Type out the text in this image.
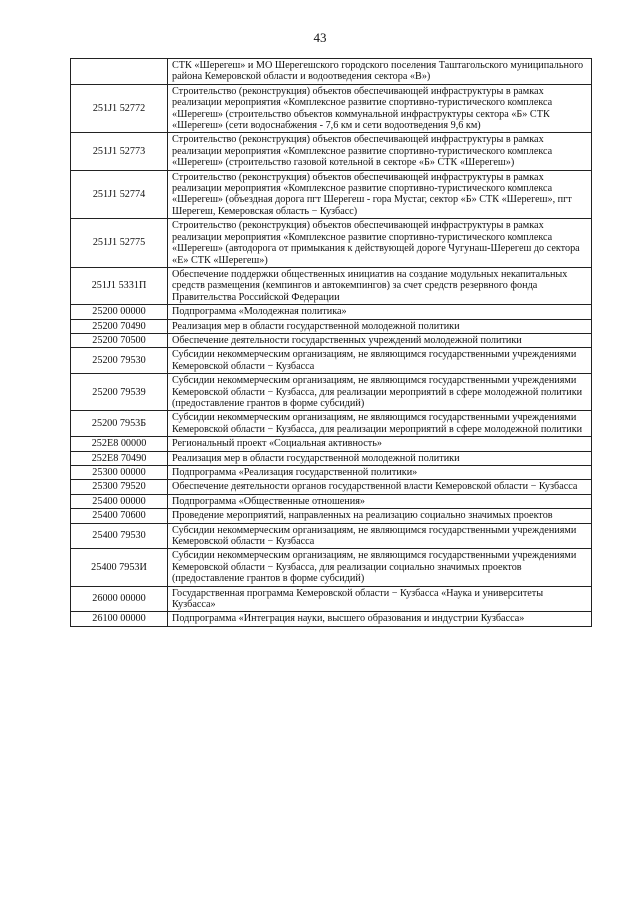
43
	СТК «Шерегеш» и МО Шерегешского городского поселения Таштагольского муниципального района Кемеровской области и водоотведения сектора «В»)
251J1 52772	Строительство (реконструкция) объектов обеспечивающей инфраструктуры в рамках реализации мероприятия «Комплексное развитие спортивно-туристического комплекса «Шерегеш» (строительство объектов коммунальной инфраструктуры сектора «Б» СТК «Шерегеш» (сети водоснабжения - 7,6 км и сети водоотведения 9,6 км)
251J1 52773	Строительство (реконструкция) объектов обеспечивающей инфраструктуры в рамках реализации мероприятия «Комплексное развитие спортивно-туристического комплекса «Шерегеш» (строительство газовой котельной в секторе «Б» СТК «Шерегеш»)
251J1 52774	Строительство (реконструкция) объектов обеспечивающей инфраструктуры в рамках реализации мероприятия «Комплексное развитие спортивно-туристического комплекса «Шерегеш» (объездная дорога пгт Шерегеш - гора Мустаг, сектор «Б» СТК «Шерегеш», пгт Шерегеш, Кемеровская область − Кузбасс)
251J1 52775	Строительство (реконструкция) объектов обеспечивающей инфраструктуры в рамках реализации мероприятия «Комплексное развитие спортивно-туристического комплекса «Шерегеш» (автодорога от примыкания к действующей дороге Чугунаш-Шерегеш до сектора «Е» СТК «Шерегеш»)
251J1 5331П	Обеспечение поддержки общественных инициатив на создание модульных некапитальных средств размещения (кемпингов и автокемпингов) за счет средств резервного фонда Правительства Российской Федерации
25200 00000	Подпрограмма «Молодежная политика»
25200 70490	Реализация мер в области государственной молодежной политики
25200 70500	Обеспечение деятельности государственных учреждений молодежной политики
25200 79530	Субсидии некоммерческим организациям, не являющимся государственными учреждениями Кемеровской области − Кузбасса
25200 79539	Субсидии некоммерческим организациям, не являющимся государственными учреждениями Кемеровской области − Кузбасса, для реализации мероприятий в сфере молодежной политики (предоставление грантов в форме субсидий)
25200 7953Б	Субсидии некоммерческим организациям, не являющимся государственными учреждениями Кемеровской области − Кузбасса, для реализации мероприятий в сфере молодежной политики
252E8 00000	Региональный проект «Социальная активность»
252E8 70490	Реализация мер в области государственной молодежной политики
25300 00000	Подпрограмма «Реализация государственной политики»
25300 79520	Обеспечение деятельности органов государственной власти Кемеровской области − Кузбасса
25400 00000	Подпрограмма «Общественные отношения»
25400 70600	Проведение мероприятий, направленных на реализацию социально значимых проектов
25400 79530	Субсидии некоммерческим организациям, не являющимся государственными учреждениями Кемеровской области − Кузбасса
25400 7953И	Субсидии некоммерческим организациям, не являющимся государственными учреждениями Кемеровской области − Кузбасса, для реализации социально значимых проектов (предоставление грантов в форме субсидий)
26000 00000	Государственная программа Кемеровской области − Кузбасса «Наука и университеты Кузбасса»
26100 00000	Подпрограмма «Интеграция науки, высшего образования и индустрии Кузбасса»
